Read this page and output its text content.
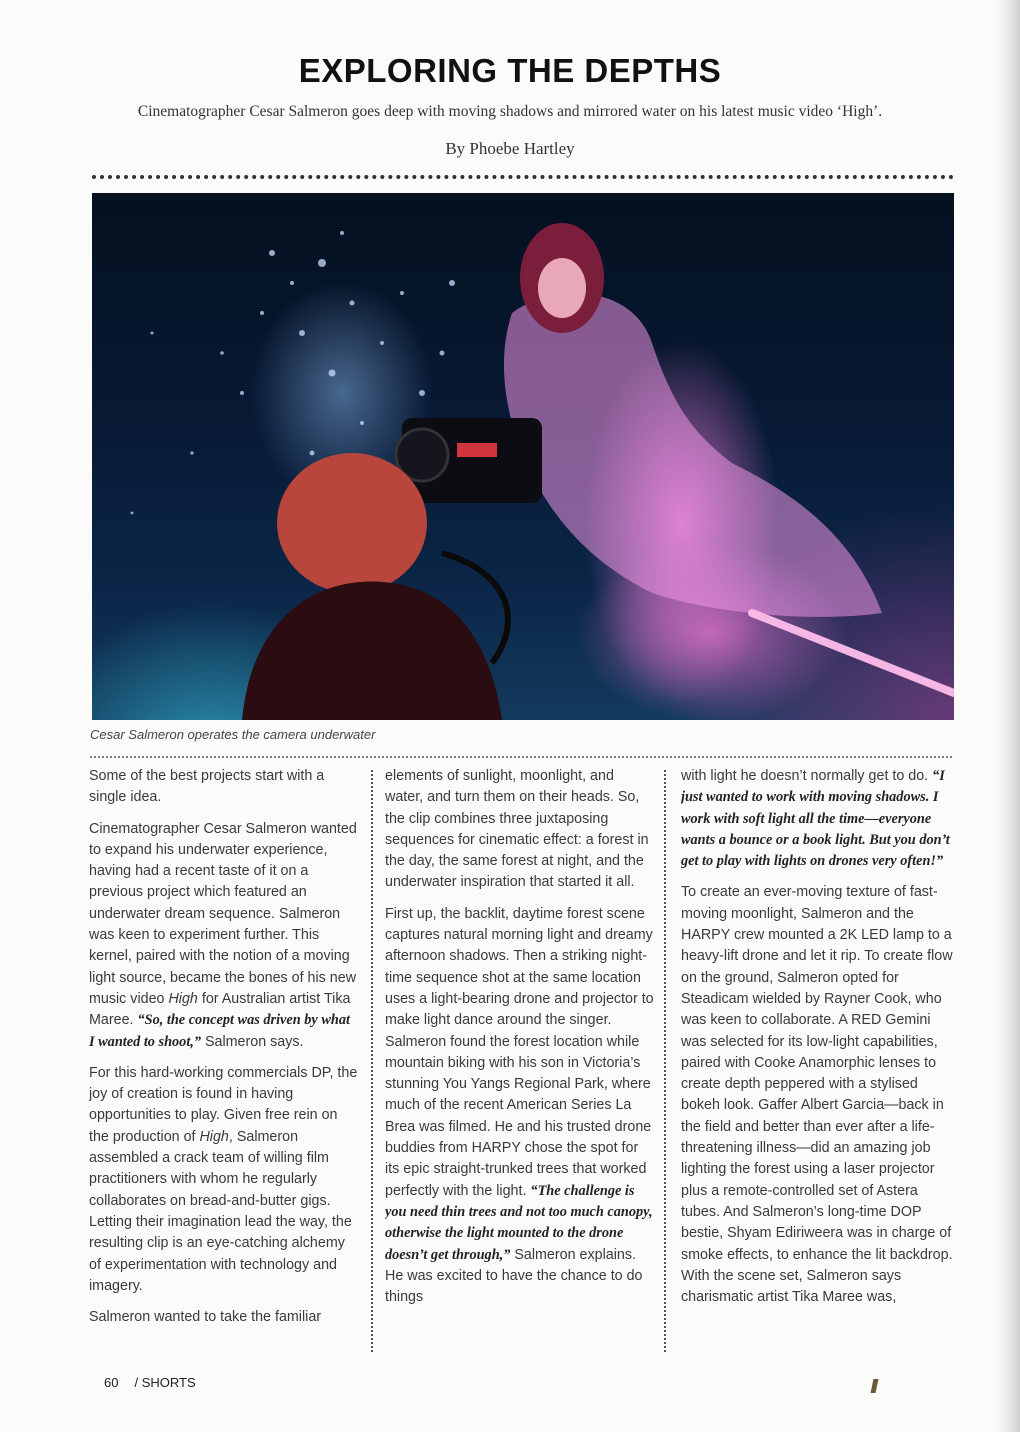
EXPLORING THE DEPTHS

Cinematographer Cesar Salmeron goes deep with moving shadows and mirrored water on his latest music video ‘High’.

By Phoebe Hartley

Cesar Salmeron operates the camera underwater

Some of the best projects start with a single idea.

Cinematographer Cesar Salmeron wanted to expand his underwater experience, having had a recent taste of it on a previous project which featured an underwater dream sequence. Salmeron was keen to experiment further. This kernel, paired with the notion of a moving light source, became the bones of his new music video High for Australian artist Tika Maree. “So, the concept was driven by what I wanted to shoot,” Salmeron says.

For this hard-working commercials DP, the joy of creation is found in having opportunities to play. Given free rein on the production of High, Salmeron assembled a crack team of willing film practitioners with whom he regularly collaborates on bread-and-butter gigs. Letting their imagination lead the way, the resulting clip is an eye-catching alchemy of experimentation with technology and imagery.

Salmeron wanted to take the familiar

elements of sunlight, moonlight, and water, and turn them on their heads. So, the clip combines three juxtaposing sequences for cinematic effect: a forest in the day, the same forest at night, and the underwater inspiration that started it all.

First up, the backlit, daytime forest scene captures natural morning light and dreamy afternoon shadows. Then a striking night-time sequence shot at the same location uses a light-bearing drone and projector to make light dance around the singer. Salmeron found the forest location while mountain biking with his son in Victoria’s stunning You Yangs Regional Park, where much of the recent American Series La Brea was filmed. He and his trusted drone buddies from HARPY chose the spot for its epic straight-trunked trees that worked perfectly with the light. “The challenge is you need thin trees and not too much canopy, otherwise the light mounted to the drone doesn’t get through,” Salmeron explains. He was excited to have the chance to do things

with light he doesn’t normally get to do. “I just wanted to work with moving shadows. I work with soft light all the time—everyone wants a bounce or a book light. But you don’t get to play with lights on drones very often!”

To create an ever-moving texture of fast-moving moonlight, Salmeron and the HARPY crew mounted a 2K LED lamp to a heavy-lift drone and let it rip. To create flow on the ground, Salmeron opted for Steadicam wielded by Rayner Cook, who was keen to collaborate. A RED Gemini was selected for its low-light capabilities, paired with Cooke Anamorphic lenses to create depth peppered with a stylised bokeh look. Gaffer Albert Garcia—back in the field and better than ever after a life-threatening illness—did an amazing job lighting the forest using a laser projector plus a remote-controlled set of Astera tubes. And Salmeron’s long-time DOP bestie, Shyam Ediriweera was in charge of smoke effects, to enhance the lit backdrop. With the scene set, Salmeron says charismatic artist Tika Maree was,

60 / SHORTS
